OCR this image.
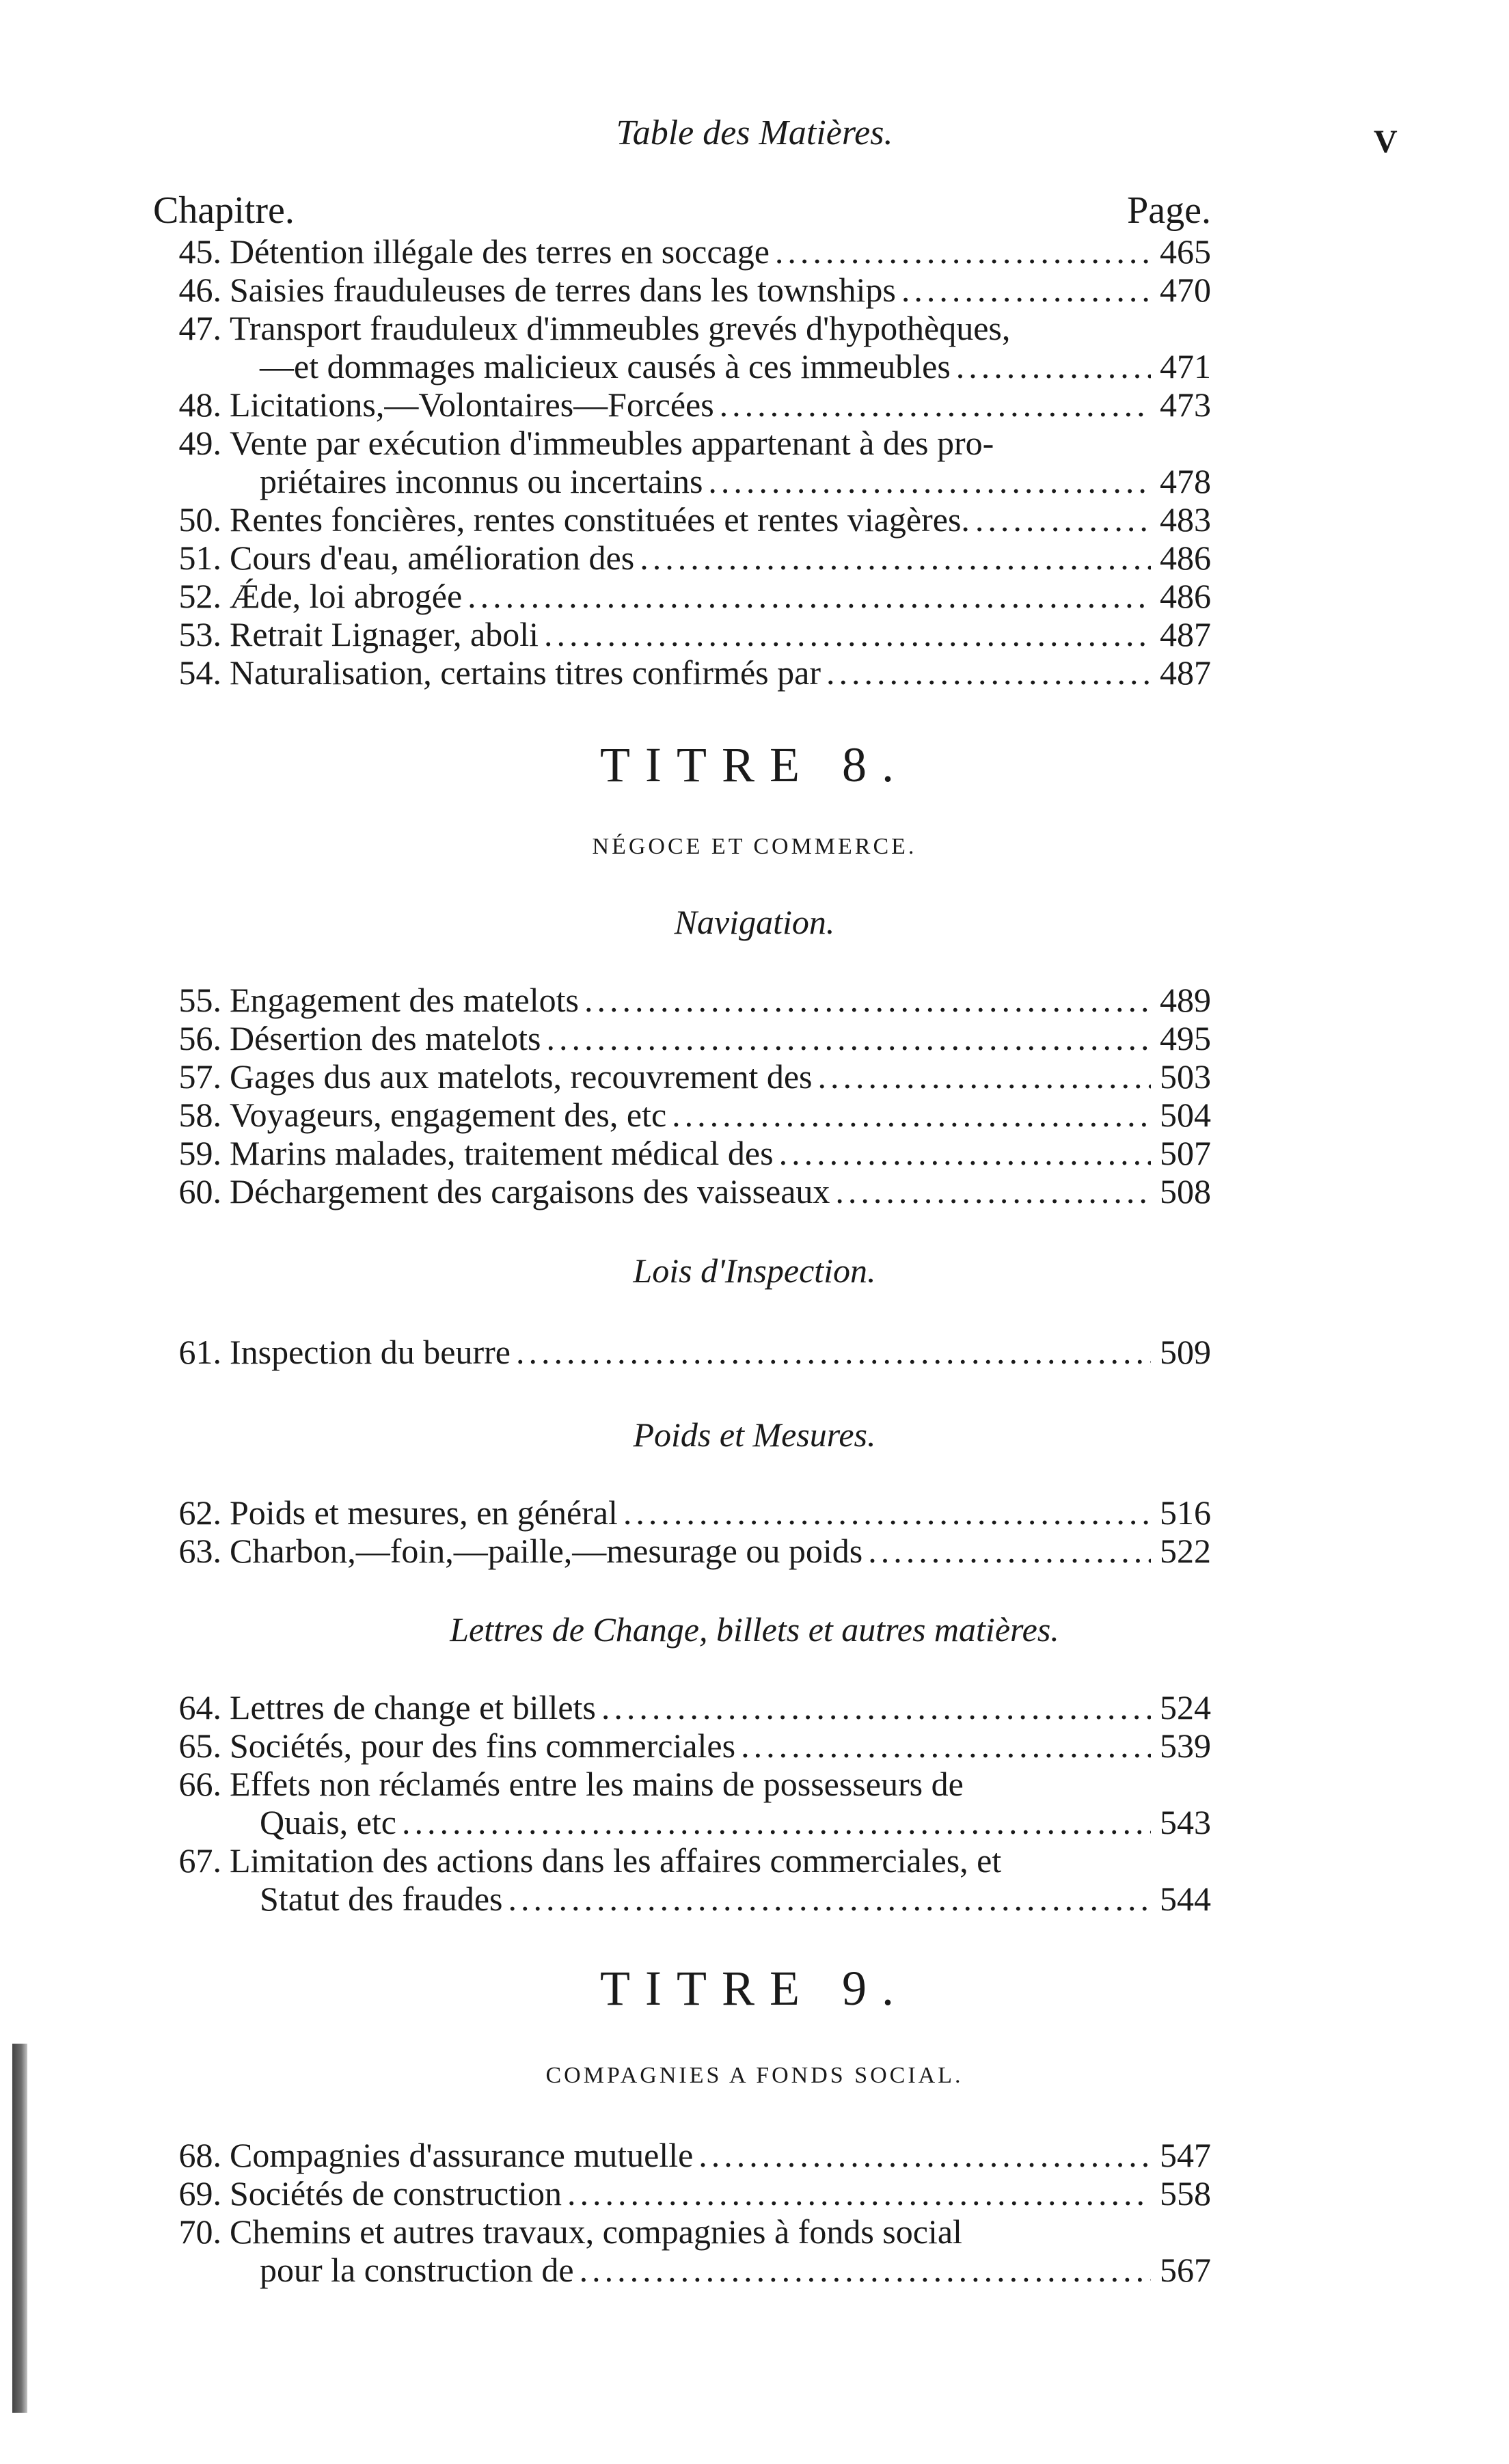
Table des Matières.	V
Chapitre.	Page.
45. Détention illégale des terres en soccage .....	465
46. Saisies frauduleuses de terres dans les townships .....	470
47. Transport frauduleux d'immeubles grevés d'hypothèques,
—et dommages malicieux causés à ces immeubles .....	471
48. Licitations,—Volontaires—Forcées .....	473
49. Vente par exécution d'immeubles appartenant à des pro-
priétaires inconnus ou incertains .....	478
50. Rentes foncières, rentes constituées et rentes viagères. .....	483
51. Cours d'eau, amélioration des .....	486
52. Ǽde, loi abrogée .....	486
53. Retrait Lignager, aboli .....	487
54. Naturalisation, certains titres confirmés par .....	487
TITRE 8.
NÉGOCE ET COMMERCE.
Navigation.
55. Engagement des matelots .....	489
56. Désertion des matelots .....	495
57. Gages dus aux matelots, recouvrement des .....	503
58. Voyageurs, engagement des, etc .....	504
59. Marins malades, traitement médical des .....	507
60. Déchargement des cargaisons des vaisseaux .....	508
Lois d'Inspection.
61. Inspection du beurre .....	509
Poids et Mesures.
62. Poids et mesures, en général .....	516
63. Charbon,—foin,—paille,—mesurage ou poids .....	522
Lettres de Change, billets et autres matières.
64. Lettres de change et billets .....	524
65. Sociétés, pour des fins commerciales .....	539
66. Effets non réclamés entre les mains de possesseurs de
Quais, etc .....	543
67. Limitation des actions dans les affaires commerciales, et
Statut des fraudes .....	544
TITRE 9.
COMPAGNIES A FONDS SOCIAL.
68. Compagnies d'assurance mutuelle .....	547
69. Sociétés de construction .....	558
70. Chemins et autres travaux, compagnies à fonds social
pour la construction de .....	567
